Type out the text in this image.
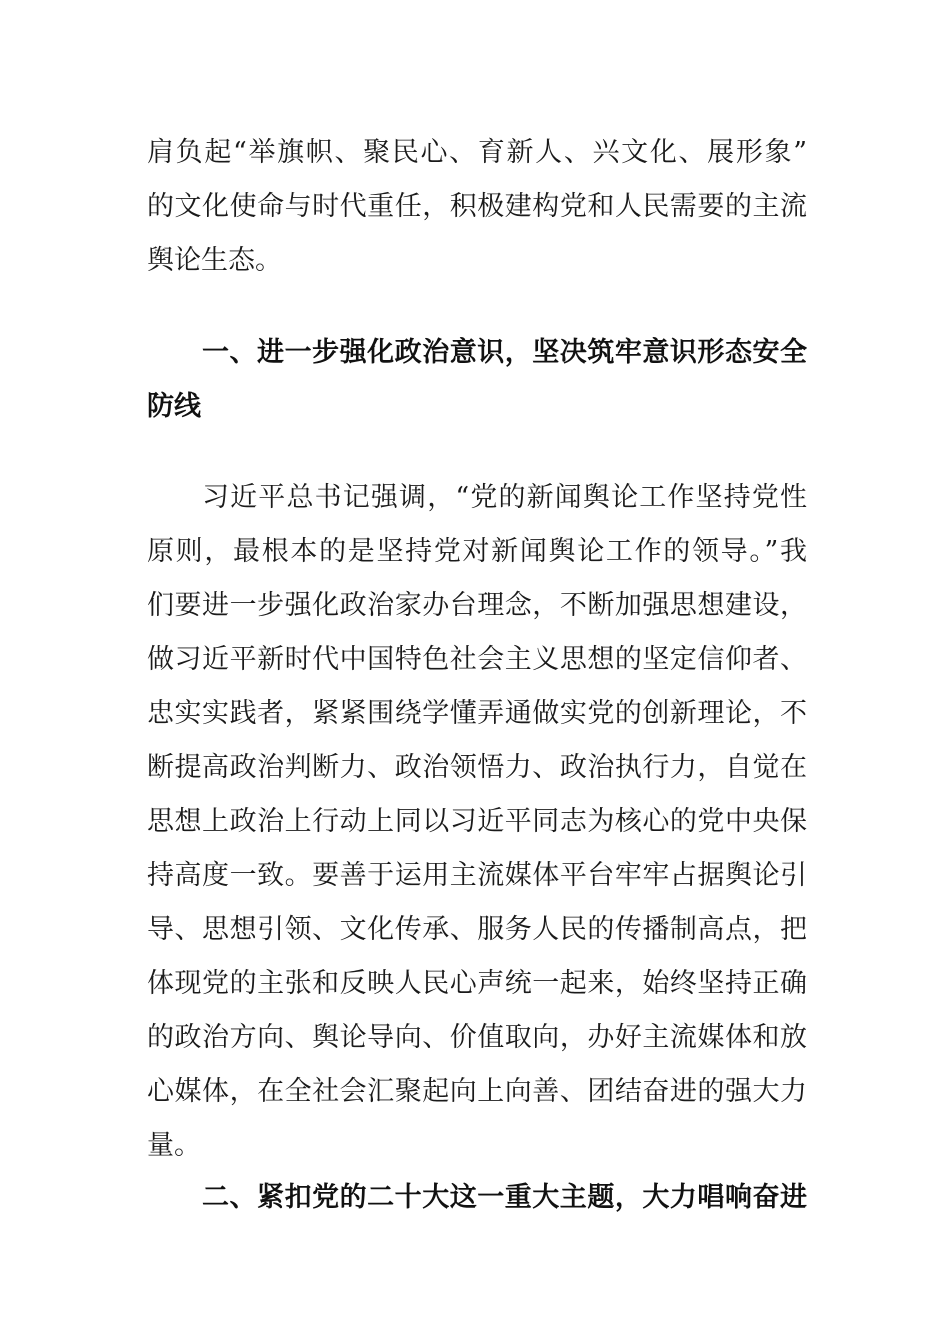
肩负起“举旗帜、聚民心、育新人、兴文化、展形象”
的文化使命与时代重任，积极建构党和人民需要的主流
舆论生态。
一、进一步强化政治意识，坚决筑牢意识形态安全
防线
习近平总书记强调，“党的新闻舆论工作坚持党性
原则，最根本的是坚持党对新闻舆论工作的领导。”我
们要进一步强化政治家办台理念，不断加强思想建设，
做习近平新时代中国特色社会主义思想的坚定信仰者、
忠实实践者，紧紧围绕学懂弄通做实党的创新理论，不
断提高政治判断力、政治领悟力、政治执行力，自觉在
思想上政治上行动上同以习近平同志为核心的党中央保
持高度一致。要善于运用主流媒体平台牢牢占据舆论引
导、思想引领、文化传承、服务人民的传播制高点，把
体现党的主张和反映人民心声统一起来，始终坚持正确
的政治方向、舆论导向、价值取向，办好主流媒体和放
心媒体，在全社会汇聚起向上向善、团结奋进的强大力
量。
二、紧扣党的二十大这一重大主题，大力唱响奋进
